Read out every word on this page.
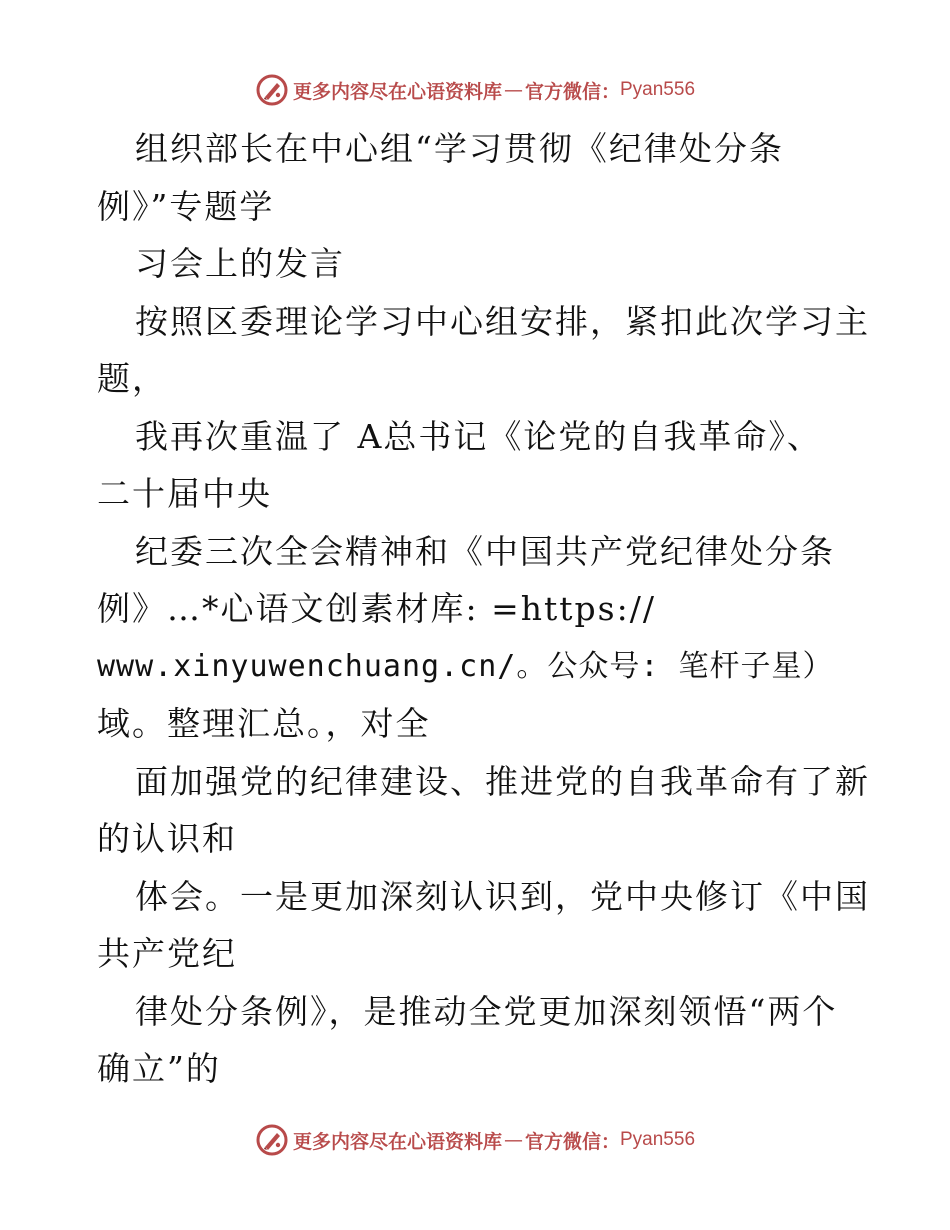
更多内容尽在心语资料库 — 官方微信： Pyan556
组织部长在中心组“学习贯彻《纪律处分条
例》”专题学
习会上的发言
按照区委理论学习中心组安排，紧扣此次学习主
题，
我再次重温了 A总书记《论党的自我革命》、
二十届中央
纪委三次全会精神和《中国共产党纪律处分条
例》…*心语文创素材库: =https://
www.xinyuwenchuang.cn/。公众号: 笔杆子星）
域。整理汇总。，对全
面加强党的纪律建设、推进党的自我革命有了新
的认识和
体会。一是更加深刻认识到，党中央修订《中国
共产党纪
律处分条例》，是推动全党更加深刻领悟“两个
确立”的
更多内容尽在心语资料库 — 官方微信： Pyan556
